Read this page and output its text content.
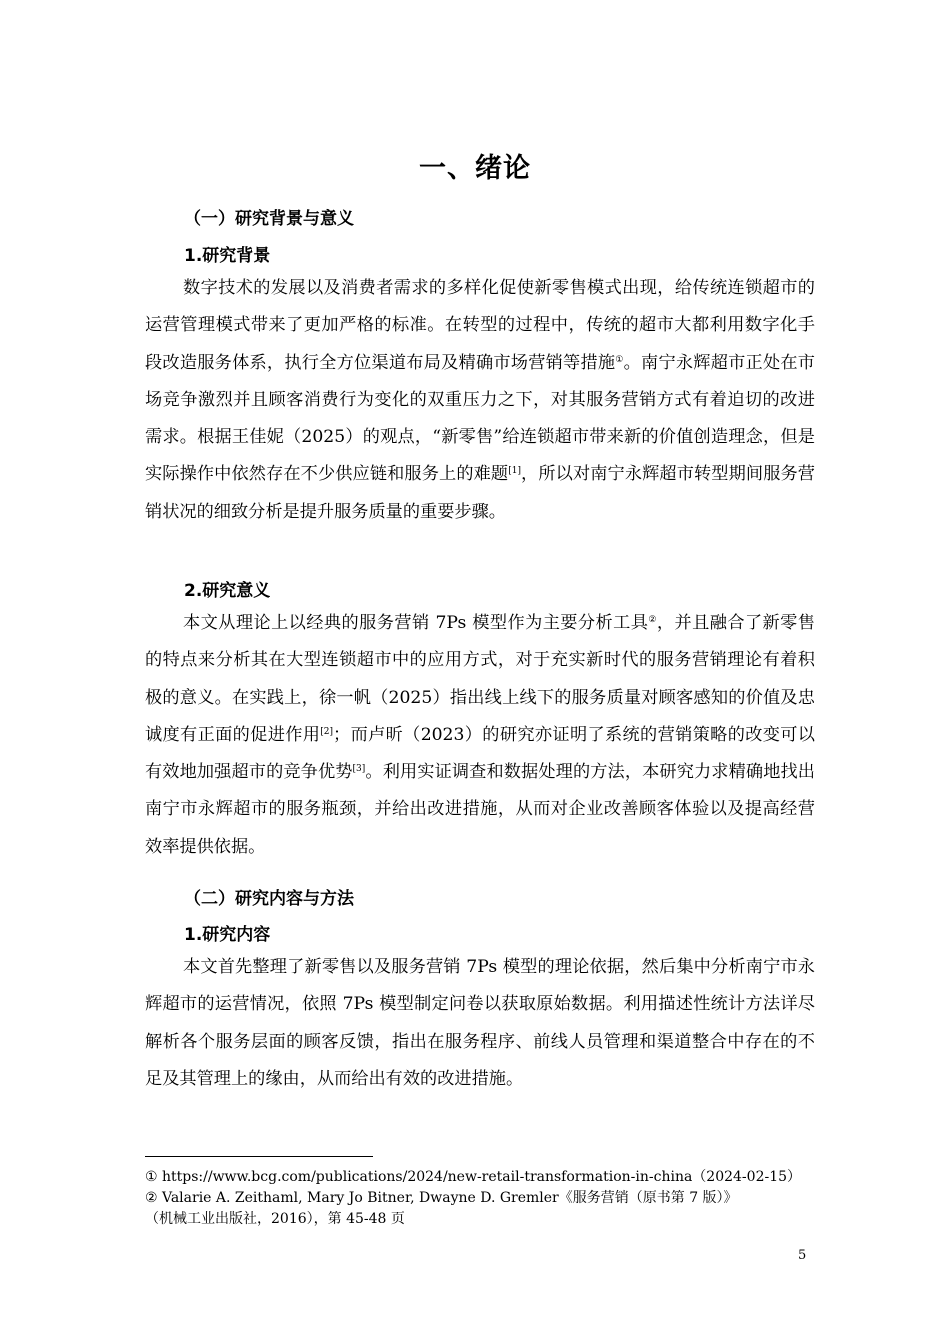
一、绪论
（一）研究背景与意义
1.研究背景

数字技术的发展以及消费者需求的多样化促使新零售模式出现，给传统连锁超市的运营管理模式带来了更加严格的标准。在转型的过程中，传统的超市大都利用数字化手段改造服务体系，执行全方位渠道布局及精确市场营销等措施①。南宁永辉超市正处在市场竞争激烈并且顾客消费行为变化的双重压力之下，对其服务营销方式有着迫切的改进需求。根据王佳妮（2025）的观点，“新零售”给连锁超市带来新的价值创造理念，但是实际操作中依然存在不少供应链和服务上的难题[1]，所以对南宁永辉超市转型期间服务营销状况的细致分析是提升服务质量的重要步骤。

2.研究意义

本文从理论上以经典的服务营销 7Ps 模型作为主要分析工具②，并且融合了新零售的特点来分析其在大型连锁超市中的应用方式，对于充实新时代的服务营销理论有着积极的意义。在实践上，徐一帆（2025）指出线上线下的服务质量对顾客感知的价值及忠诚度有正面的促进作用[2]；而卢昕（2023）的研究亦证明了系统的营销策略的改变可以有效地加强超市的竞争优势[3]。利用实证调查和数据处理的方法，本研究力求精确地找出南宁市永辉超市的服务瓶颈，并给出改进措施，从而对企业改善顾客体验以及提高经营效率提供依据。

（二）研究内容与方法
1.研究内容

本文首先整理了新零售以及服务营销 7Ps 模型的理论依据，然后集中分析南宁市永辉超市的运营情况，依照 7Ps 模型制定问卷以获取原始数据。利用描述性统计方法详尽解析各个服务层面的顾客反馈，指出在服务程序、前线人员管理和渠道整合中存在的不足及其管理上的缘由，从而给出有效的改进措施。

① https://www.bcg.com/publications/2024/new-retail-transformation-in-china（2024-02-15）

② Valarie A. Zeithaml, Mary Jo Bitner, Dwayne D. Gremler《服务营销（原书第 7 版）》

（机械工业出版社，2016），第 45-48 页

5
